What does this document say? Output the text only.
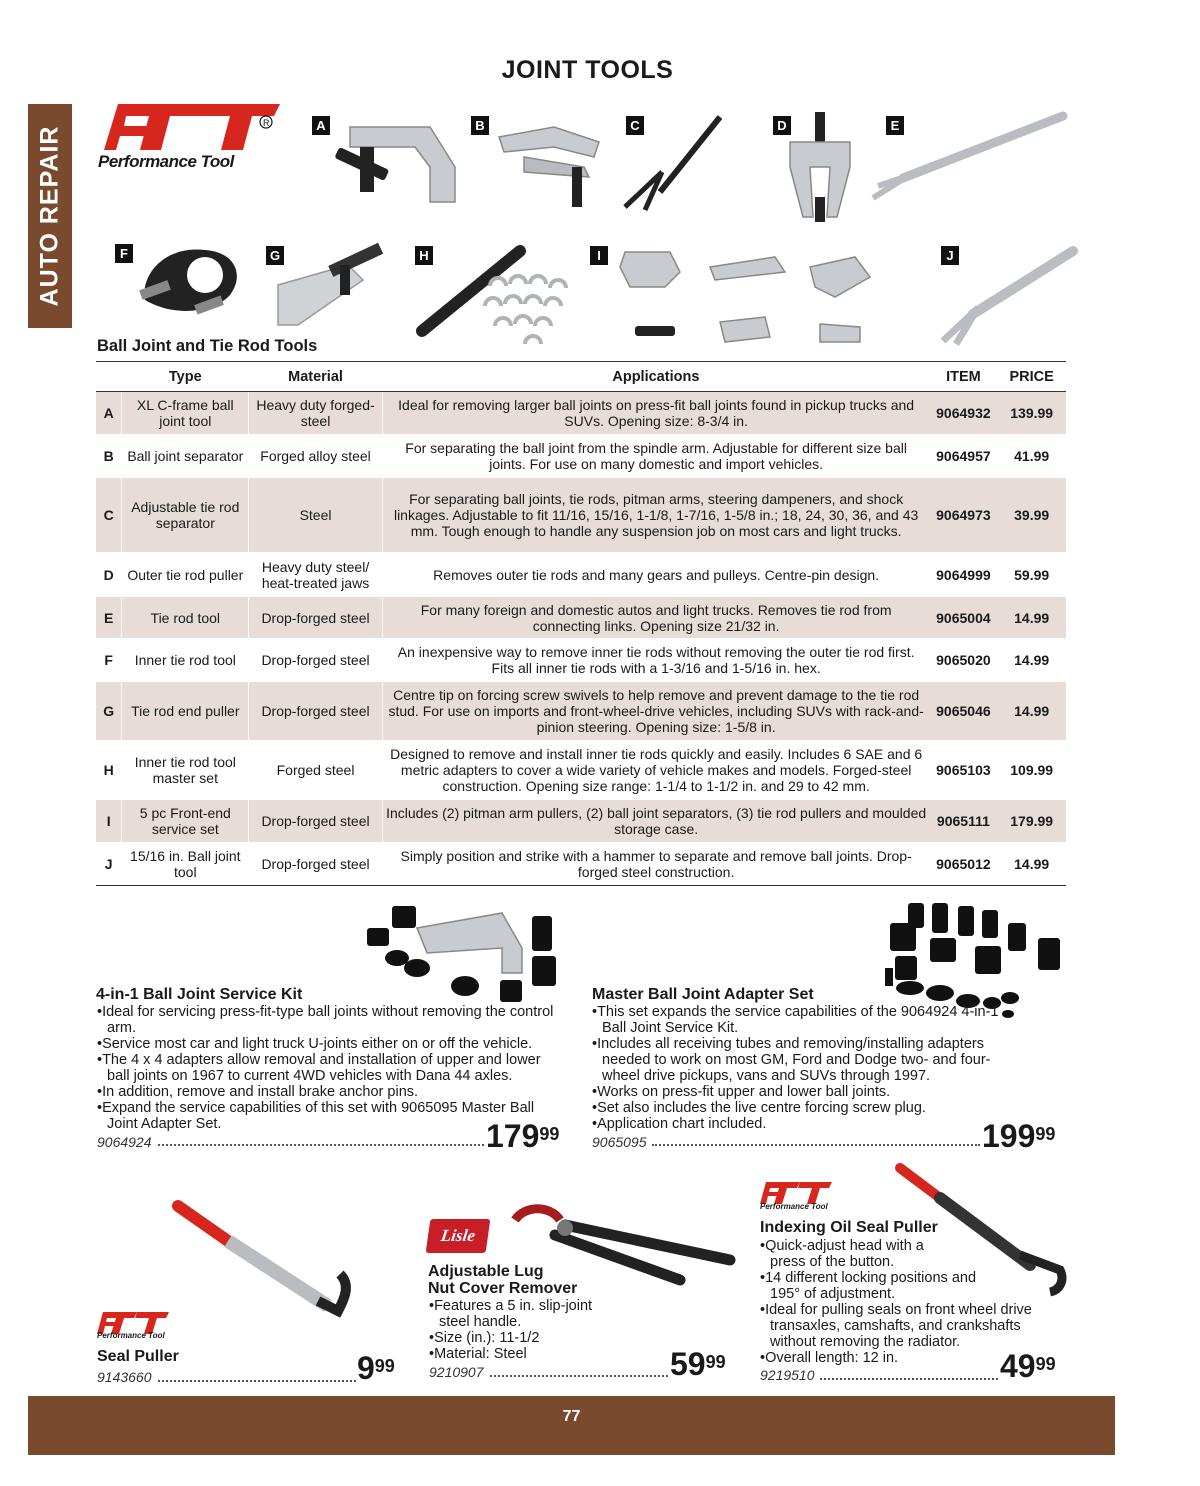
JOINT TOOLS
AUTO REPAIR
R
Performance Tool
A	B	C	D	E
F	G	H	I	J
Ball Joint and Tie Rod Tools
	Type	Material	Applications	ITEM	PRICE
A	XL C-frame ball joint tool	Heavy duty forged-steel	Ideal for removing larger ball joints on press-fit ball joints found in pickup trucks and SUVs. Opening size: 8-3/4 in.	9064932	139.99
B	Ball joint separator	Forged alloy steel	For separating the ball joint from the spindle arm. Adjustable for different size ball joints. For use on many domestic and import vehicles.	9064957	41.99
C	Adjustable tie rod separator	Steel	For separating ball joints, tie rods, pitman arms, steering dampeners, and shock linkages. Adjustable to fit 11/16, 15/16, 1-1/8, 1-7/16, 1-5/8 in.; 18, 24, 30, 36, and 43 mm. Tough enough to handle any suspension job on most cars and light trucks.	9064973	39.99
D	Outer tie rod puller	Heavy duty steel/ heat-treated jaws	Removes outer tie rods and many gears and pulleys. Centre-pin design.	9064999	59.99
E	Tie rod tool	Drop-forged steel	For many foreign and domestic autos and light trucks. Removes tie rod from connecting links. Opening size 21/32 in.	9065004	14.99
F	Inner tie rod tool	Drop-forged steel	An inexpensive way to remove inner tie rods without removing the outer tie rod first. Fits all inner tie rods with a 1-3/16 and 1-5/16 in. hex.	9065020	14.99
G	Tie rod end puller	Drop-forged steel	Centre tip on forcing screw swivels to help remove and prevent damage to the tie rod stud. For use on imports and front-wheel-drive vehicles, including SUVs with rack-and-pinion steering. Opening size: 1-5/8 in.	9065046	14.99
H	Inner tie rod tool master set	Forged steel	Designed to remove and install inner tie rods quickly and easily. Includes 6 SAE and 6 metric adapters to cover a wide variety of vehicle makes and models. Forged-steel construction. Opening size range: 1-1/4 to 1-1/2 in. and 29 to 42 mm.	9065103	109.99
I	5 pc Front-end service set	Drop-forged steel	Includes (2) pitman arm pullers, (2) ball joint separators, (3) tie rod pullers and moulded storage case.	9065111	179.99
J	15/16 in. Ball joint tool	Drop-forged steel	Simply position and strike with a hammer to separate and remove ball joints. Drop-forged steel construction.	9065012	14.99
4-in-1 Ball Joint Service Kit
•Ideal for servicing press-fit-type ball joints without removing the control arm.
•Service most car and light truck U-joints either on or off the vehicle.
•The 4 x 4 adapters allow removal and installation of upper and lower ball joints on 1967 to current 4WD vehicles with Dana 44 axles.
•In addition, remove and install brake anchor pins.
•Expand the service capabilities of this set with 9065095 Master Ball Joint Adapter Set.
9064924	$179^{99}$
Master Ball Joint Adapter Set
•This set expands the service capabilities of the 9064924 4-in-1 Ball Joint Service Kit.
•Includes all receiving tubes and removing/installing adapters needed to work on most GM, Ford and Dodge two- and four-wheel drive pickups, vans and SUVs through 1997.
•Works on press-fit upper and lower ball joints.
•Set also includes the live centre forcing screw plug.
•Application chart included.
9065095	$199^{99}$
Performance Tool
Seal Puller
9143660	$9^{99}$
Lisle
Adjustable Lug
Nut Cover Remover
•Features a 5 in. slip-joint steel handle.
•Size (in.): 11-1/2
•Material: Steel
9210907	$59^{99}$
Performance Tool
Indexing Oil Seal Puller
•Quick-adjust head with a press of the button.
•14 different locking positions and 195° of adjustment.
•Ideal for pulling seals on front wheel drive transaxles, camshafts, and crankshafts without removing the radiator.
•Overall length: 12 in.
9219510	$49^{99}$
77
